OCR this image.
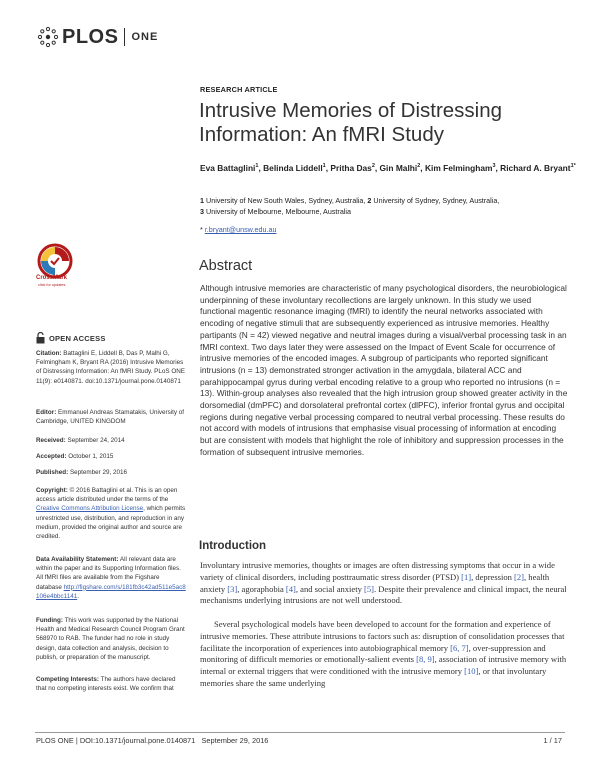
PLOS ONE
RESEARCH ARTICLE
Intrusive Memories of Distressing Information: An fMRI Study
Eva Battaglini$^1$, Belinda Liddell$^1$, Pritha Das$^2$, Gin Malhi$^2$, Kim Felmingham$^3$, Richard A. Bryant$^{1*}$
1 University of New South Wales, Sydney, Australia, 2 University of Sydney, Sydney, Australia,
3 University of Melbourne, Melbourne, Australia
* r.bryant@unsw.edu.au
Abstract
Although intrusive memories are characteristic of many psychological disorders, the neurobiological underpinning of these involuntary recollections are largely unknown. In this study we used functional magentic resonance imaging (fMRI) to identify the neural networks associated with encoding of negative stimuli that are subsequently experienced as intrusive memories. Healthy partipants (N = 42) viewed negative and neutral images during a visual/verbal processing task in an fMRI context. Two days later they were assessed on the Impact of Event Scale for occurrence of intrusive memories of the encoded images. A subgroup of participants who reported significant intrusions (n = 13) demonstrated stronger activation in the amygdala, bilateral ACC and parahippocampal gyrus during verbal encoding relative to a group who reported no intrusions (n = 13). Within-group analyses also revealed that the high intrusion group showed greater activity in the dorsomedial (dmPFC) and dorsolateral prefrontal cortex (dlPFC), inferior frontal gyrus and occipital regions during negative verbal processing compared to neutral verbal processing. These results do not accord with models of intrusions that emphasise visual processing of information at encoding but are consistent with models that highlight the role of inhibitory and suppression processes in the formation of subsequent intrusive memories.
Introduction
Involuntary intrusive memories, thoughts or images are often distressing symptoms that occur in a wide variety of clinical disorders, including posttraumatic stress disorder (PTSD) [1], depression [2], health anxiety [3], agoraphobia [4], and social anxiety [5]. Despite their prevalence and clinical impact, the neural mechanisms underlying intrusions are not well understood.
Several psychological models have been developed to account for the formation and experience of intrusive memories. These attribute intrusions to factors such as: disruption of consolidation processes that facilitate the incorporation of experiences into autobiographical memory [6, 7], over-suppression and monitoring of difficult memories or emotionally-salient events [8, 9], association of intrusive memory with internal or external triggers that were conditioned with the intrusive memory [10], or that involuntary memories share the same underlying
CrossMark
click for updates
OPEN ACCESS
Citation: Battaglini E, Liddell B, Das P, Malhi G, Felmingham K, Bryant RA (2016) Intrusive Memories of Distressing Information: An fMRI Study. PLoS ONE 11(9): e0140871. doi:10.1371/journal.pone.0140871
Editor: Emmanuel Andreas Stamatakis, University of Cambridge, UNITED KINGDOM
Received: September 24, 2014
Accepted: October 1, 2015
Published: September 29, 2016
Copyright: © 2016 Battaglini et al. This is an open access article distributed under the terms of the Creative Commons Attribution License, which permits unrestricted use, distribution, and reproduction in any medium, provided the original author and source are credited.
Data Availability Statement: All relevant data are within the paper and its Supporting Information files. All fMRI files are available from the Figshare database http://figshare.com/s/181fb3c42ad511e5ac8106e4bbc1141.
Funding: This work was supported by the National Health and Medical Research Council Program Grant 568970 to RAB. The funder had no role in study design, data collection and analysis, decision to publish, or preparation of the manuscript.
Competing Interests: The authors have declared that no competing interests exist. We confirm that
PLOS ONE | DOI:10.1371/journal.pone.0140871   September 29, 2016	1 / 17
